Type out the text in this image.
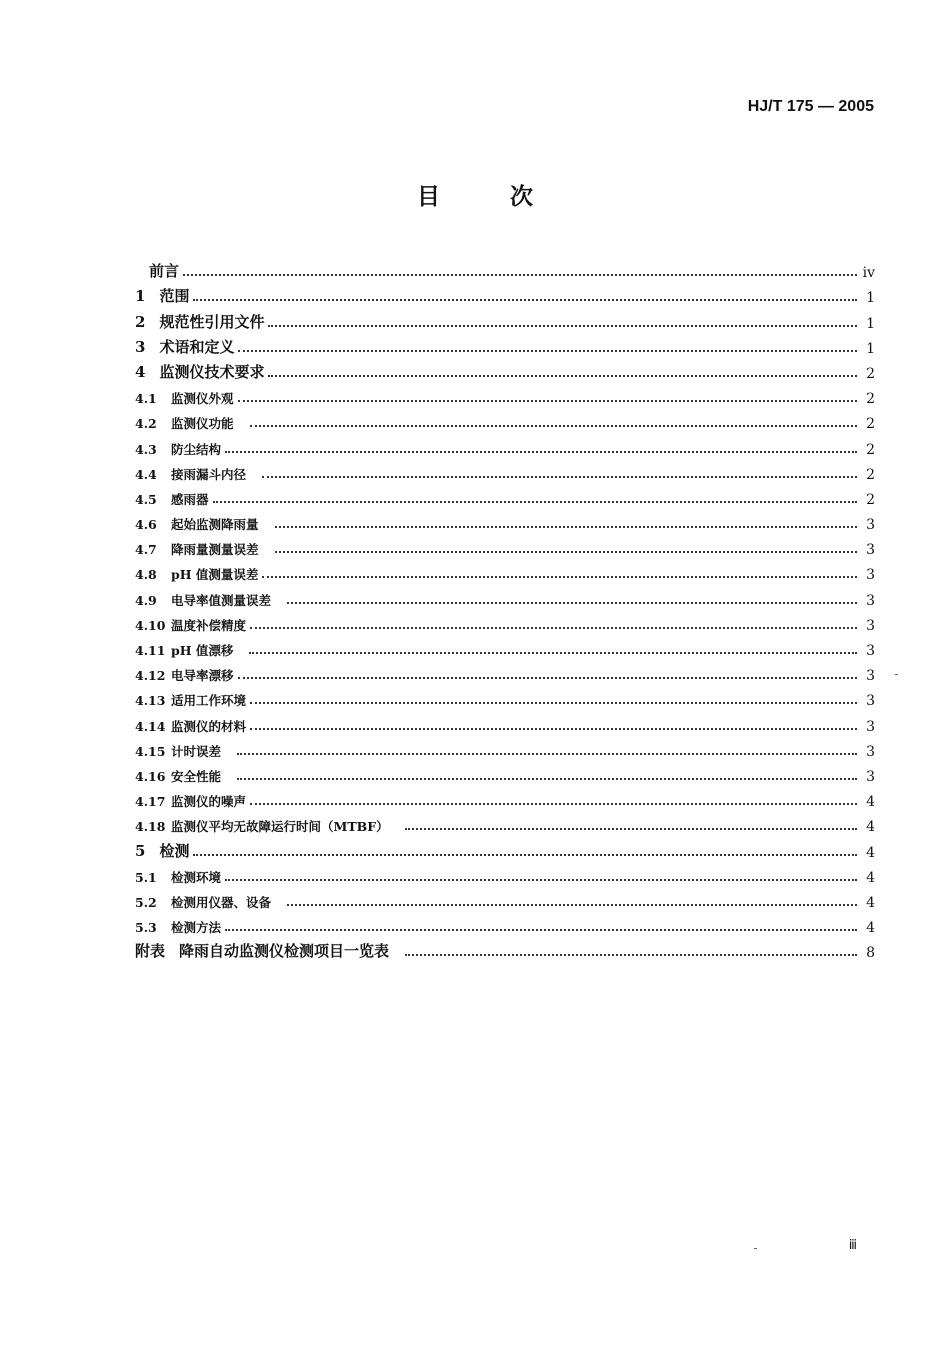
HJ/T 175 — 2005
目	次
前言	ⅳ
1 范围	1
2 规范性引用文件	1
3 术语和定义	1
4 监测仪技术要求	2
4.1 监测仪外观	2
4.2 监测仪功能	2
4.3 防尘结构	2
4.4 接雨漏斗内径	2
4.5 感雨器	2
4.6 起始监测降雨量	3
4.7 降雨量测量误差	3
4.8 pH 值测量误差	3
4.9 电导率值测量误差	3
4.10 温度补偿精度	3
4.11 pH 值漂移	3
4.12 电导率漂移	3
4.13 适用工作环境	3
4.14 监测仪的材料	3
4.15 计时误差	3
4.16 安全性能	3
4.17 监测仪的噪声	4
4.18 监测仪平均无故障运行时间（MTBF）	4
5 检测	4
5.1 检测环境	4
5.2 检测用仪器、设备	4
5.3 检测方法	4
附表 降雨自动监测仪检测项目一览表	8
ⅲ
